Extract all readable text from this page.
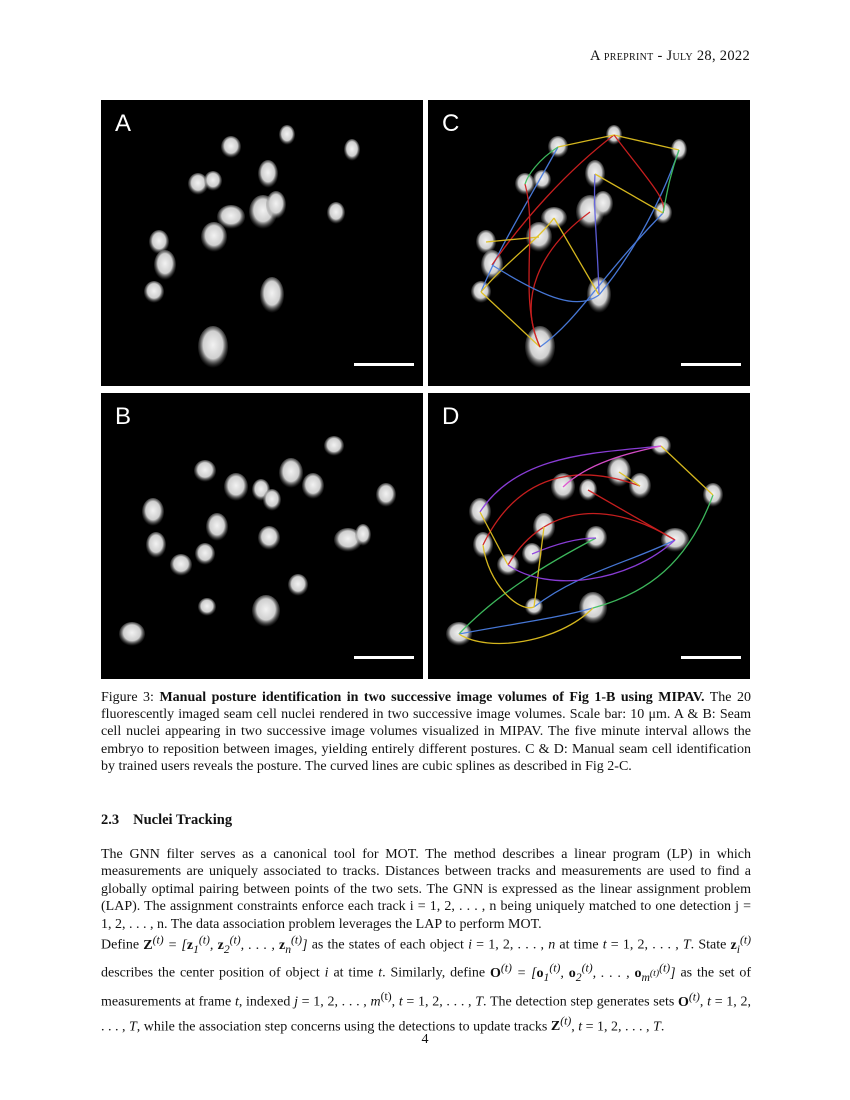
A preprint - July 28, 2022
A	C
B	D
Figure 3: Manual posture identification in two successive image volumes of Fig 1-B using MIPAV. The 20 fluorescently imaged seam cell nuclei rendered in two successive image volumes. Scale bar: 10 μm. A & B: Seam cell nuclei appearing in two successive image volumes visualized in MIPAV. The five minute interval allows the embryo to reposition between images, yielding entirely different postures. C & D: Manual seam cell identification by trained users reveals the posture. The curved lines are cubic splines as described in Fig 2-C.
2.3 Nuclei Tracking
The GNN filter serves as a canonical tool for MOT. The method describes a linear program (LP) in which measurements are uniquely associated to tracks. Distances between tracks and measurements are used to find a globally optimal pairing between points of the two sets. The GNN is expressed as the linear assignment problem (LAP). The assignment constraints enforce each track i = 1, 2, . . . , n being uniquely matched to one detection j = 1, 2, . . . , n. The data association problem leverages the LAP to perform MOT.
Define $Z^{(t)} = [z_1^{(t)}$, $z_2^{(t)}$, . . . , $z_n^{(t)}$] as the states of each object i = 1, 2, . . . , n at time t = 1, 2, . . . , T. State $z_i^{(t)}$ describes the center position of object i at time t. Similarly, define $O^{(t)} = [o_1^{(t)}$, $o_2^{(t)}$, . . . , $o_{m^{(t)}}^{(t)}$] as the set of measurements at frame t, indexed j = 1, 2, . . . , $m^{(t)}$, t = 1, 2, . . . , T. The detection step generates sets $O^{(t)}$, t = 1, 2, . . . , T, while the association step concerns using the detections to update tracks $Z^{(t)}$, t = 1, 2, . . . , T.
4
